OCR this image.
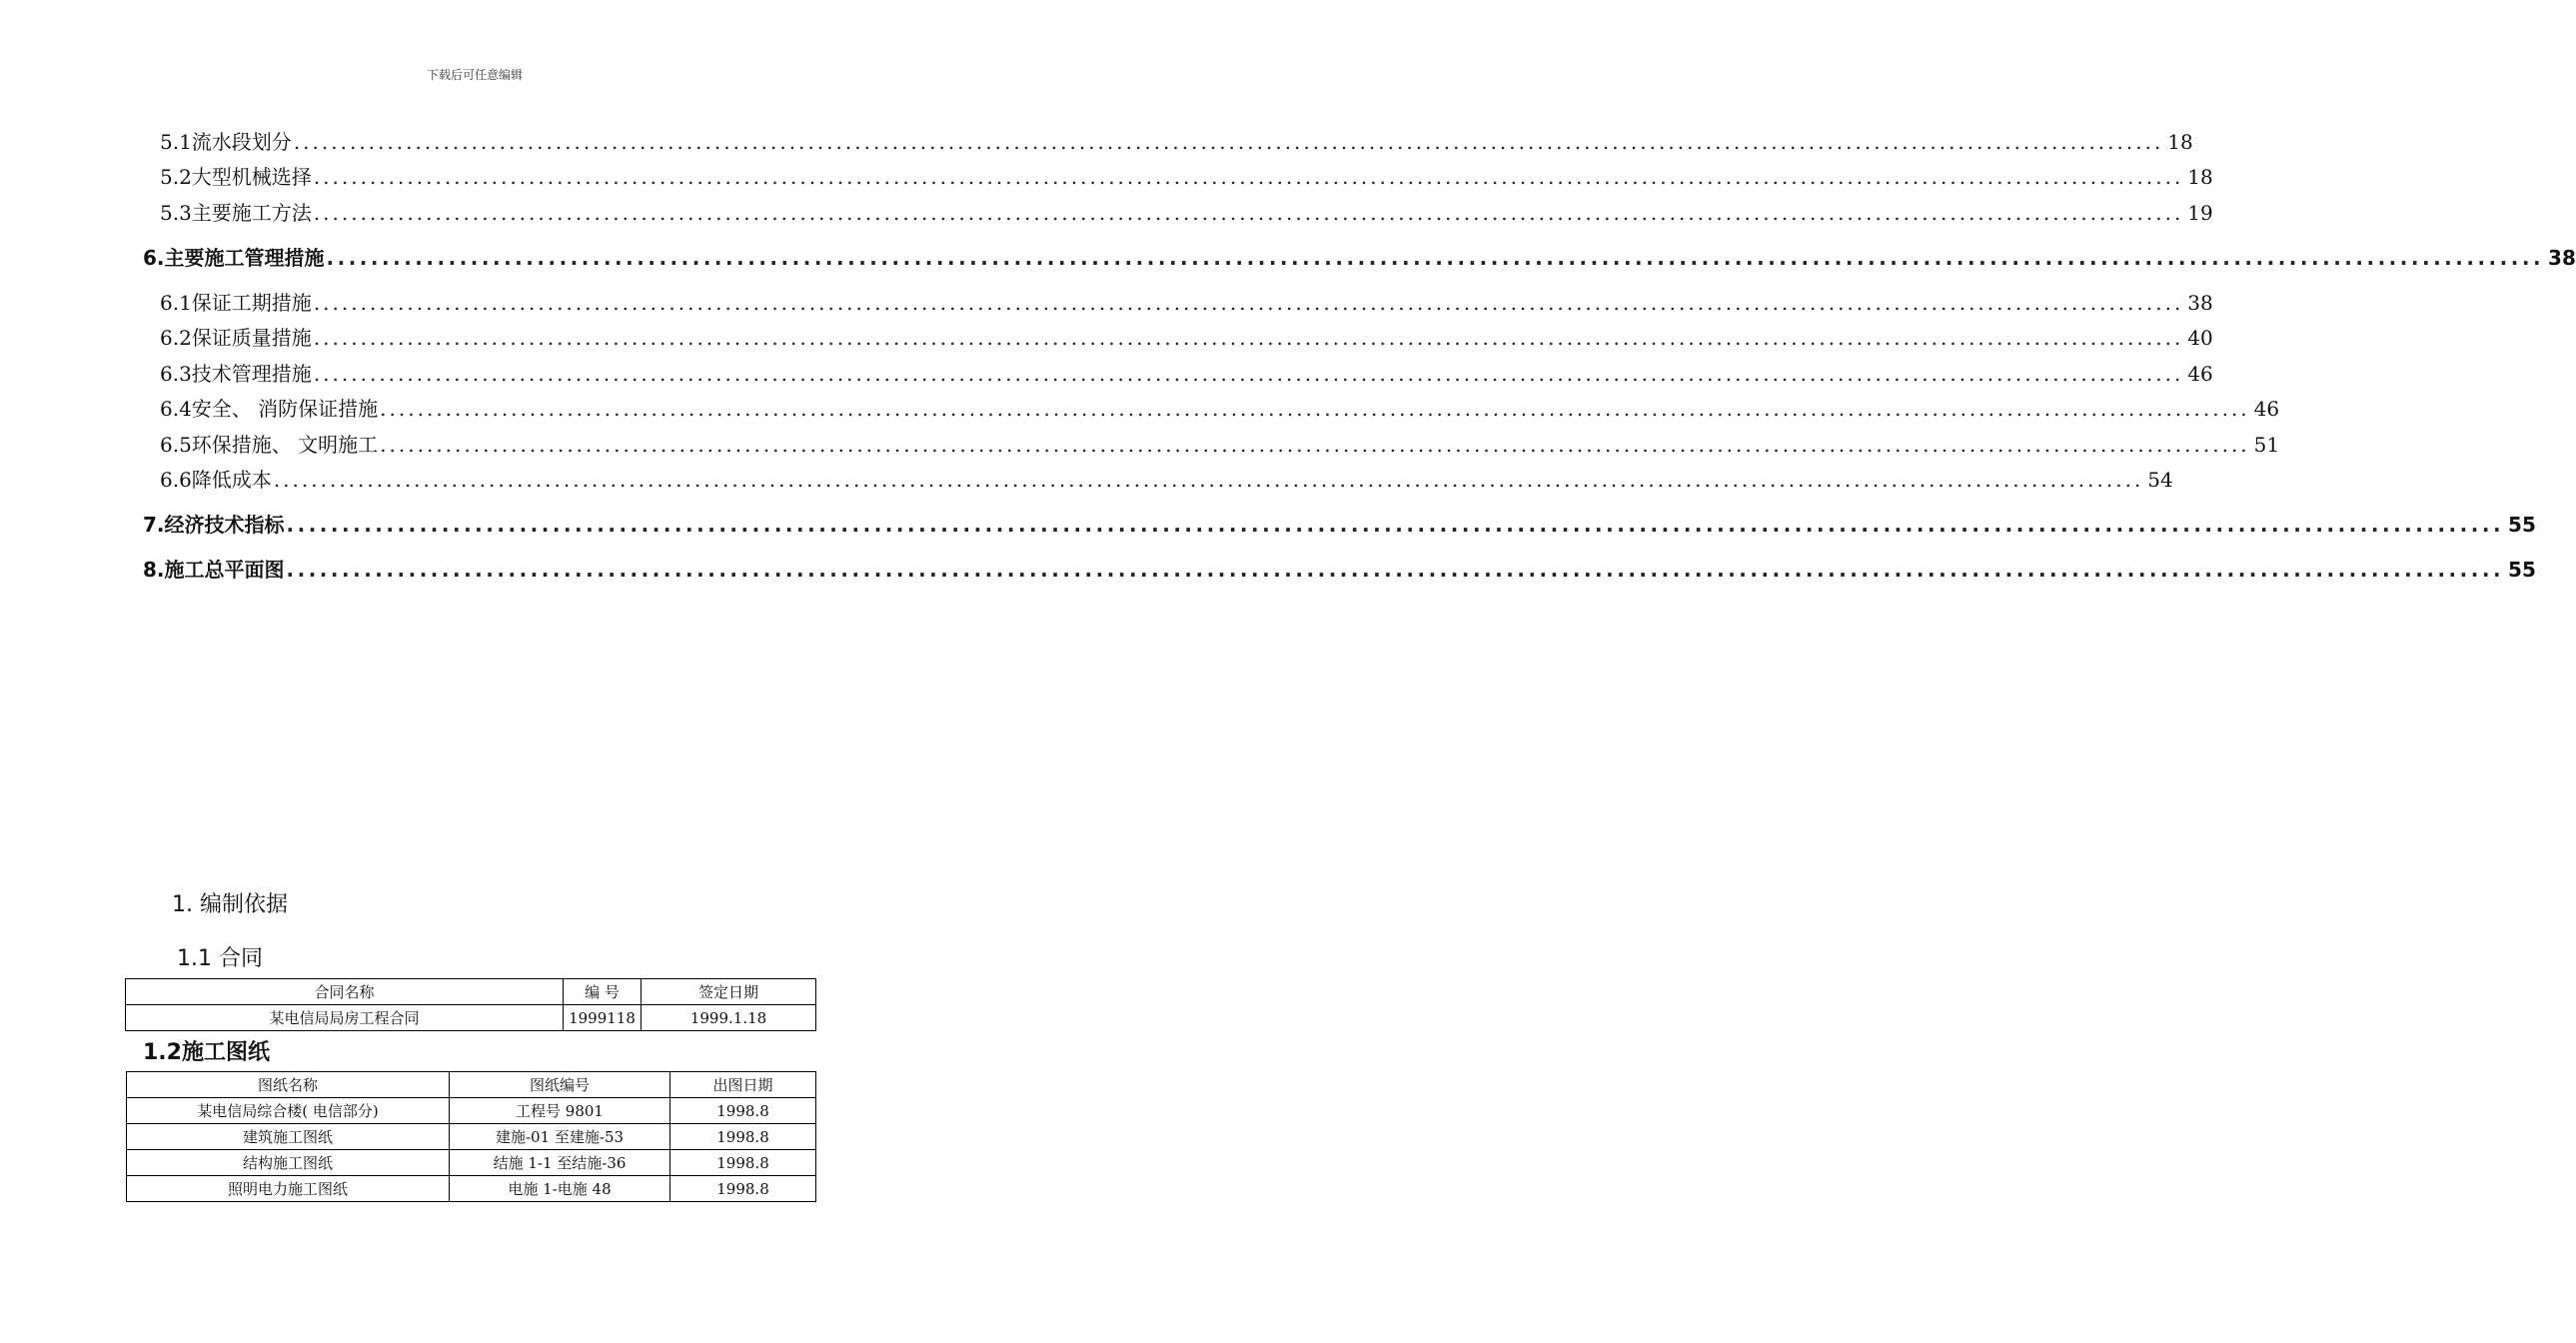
下载后可任意编辑
5.1流水段划分 ........................................................................................................................................................................................................ 18
5.2大型机械选择 ........................................................................................................................................................................................................ 18
5.3主要施工方法 ........................................................................................................................................................................................................ 19
6.主要施工管理措施 ........................................................................................................................................................................................................ 38
6.1保证工期措施 ........................................................................................................................................................................................................ 38
6.2保证质量措施 ........................................................................................................................................................................................................ 40
6.3技术管理措施 ........................................................................................................................................................................................................ 46
6.4安全、 消防保证措施 ........................................................................................................................................................................................................ 46
6.5环保措施、 文明施工 ........................................................................................................................................................................................................ 51
6.6降低成本 ........................................................................................................................................................................................................ 54
7.经济技术指标 ........................................................................................................................................................................................................ 55
8.施工总平面图 ........................................................................................................................................................................................................ 55
1. 编制依据
1.1 合同
合同名称	编 号	签定日期
某电信局局房工程合同	1999118	1999.1.18
1.2施工图纸
图纸名称	图纸编号	出图日期
某电信局综合楼( 电信部分)	工程号 9801	1998.8
建筑施工图纸	建施-01 至建施-53	1998.8
结构施工图纸	结施 1-1 至结施-36	1998.8
照明电力施工图纸	电施 1-电施 48	1998.8
